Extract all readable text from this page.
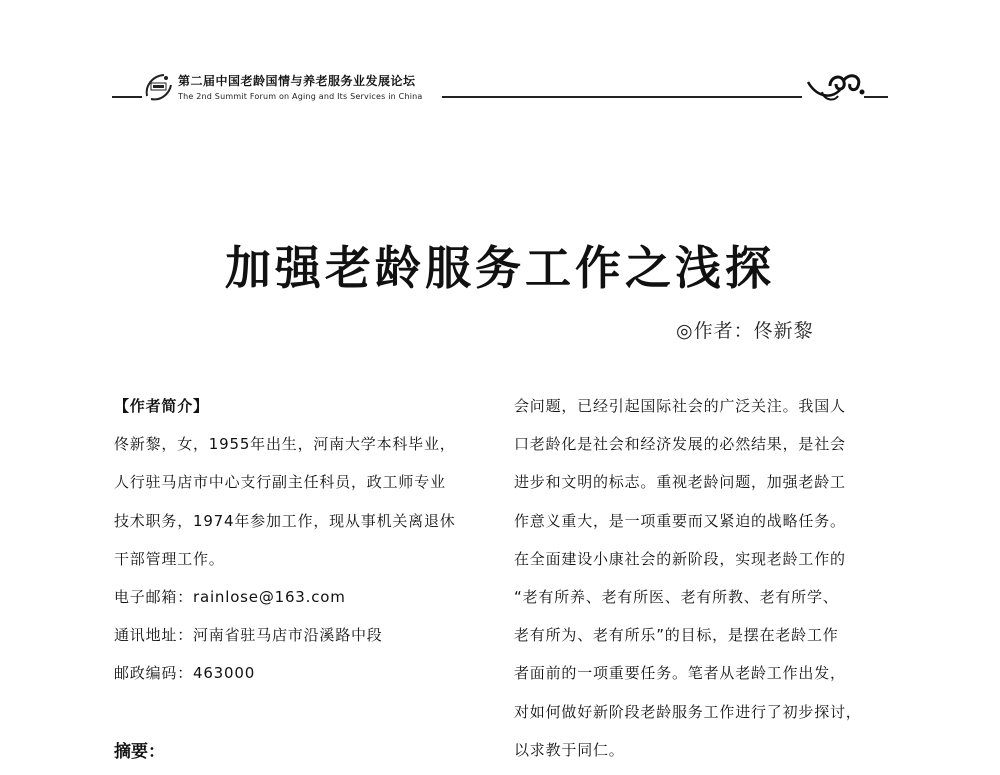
第二届中国老龄国情与养老服务业发展论坛
The 2nd Summit Forum on Aging and Its Services in China
加强老龄服务工作之浅探
◎作者：佟新黎
【作者简介】
佟新黎，女，1955年出生，河南大学本科毕业，
人行驻马店市中心支行副主任科员，政工师专业
技术职务，1974年参加工作，现从事机关离退休
干部管理工作。
电子邮箱：rainlose@163.com
通讯地址：河南省驻马店市沿溪路中段
邮政编码：463000
摘要：
会问题，已经引起国际社会的广泛关注。我国人
口老龄化是社会和经济发展的必然结果，是社会
进步和文明的标志。重视老龄问题，加强老龄工
作意义重大，是一项重要而又紧迫的战略任务。
在全面建设小康社会的新阶段，实现老龄工作的
“老有所养、老有所医、老有所教、老有所学、
老有所为、老有所乐”的目标，是摆在老龄工作
者面前的一项重要任务。笔者从老龄工作出发，
对如何做好新阶段老龄服务工作进行了初步探讨，
以求教于同仁。
